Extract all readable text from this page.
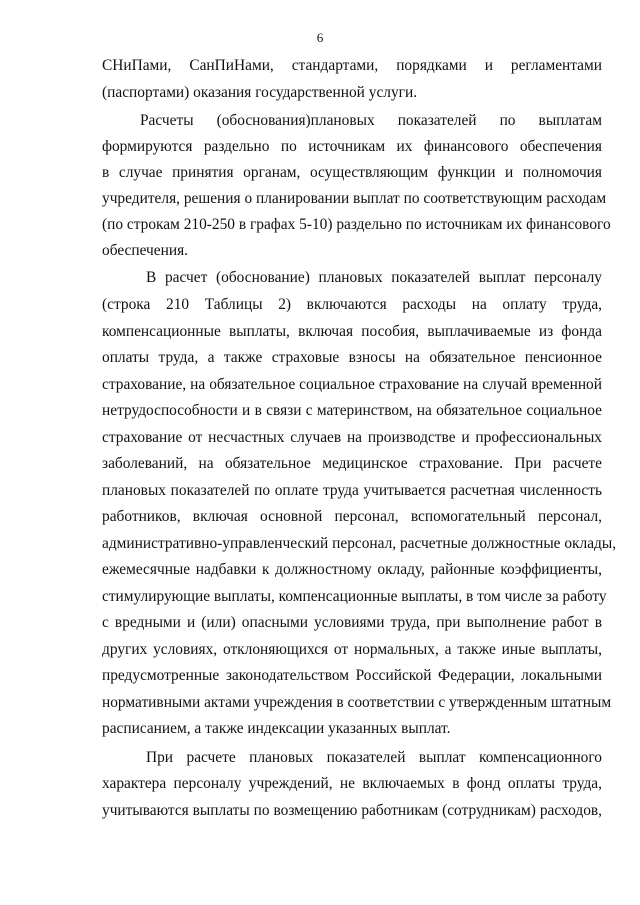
6
СНиПами, СанПиНами, стандартами, порядками и регламентами
(паспортами) оказания государственной услуги.
Расчеты (обоснования)плановых показателей по выплатам
формируются раздельно по источникам их финансового обеспечения
в случае принятия органам, осуществляющим функции и полномочия
учредителя, решения о планировании выплат по соответствующим расходам
(по строкам 210-250 в графах 5-10) раздельно по источникам их финансового
обеспечения.
В расчет (обоснование) плановых показателей выплат персоналу
(строка 210 Таблицы 2) включаются расходы на оплату труда,
компенсационные выплаты, включая пособия, выплачиваемые из фонда
оплаты труда, а также страховые взносы на обязательное пенсионное
страхование, на обязательное социальное страхование на случай временной
нетрудоспособности и в связи с материнством, на обязательное социальное
страхование от несчастных случаев на производстве и профессиональных
заболеваний, на обязательное медицинское страхование. При расчете
плановых показателей по оплате труда учитывается расчетная численность
работников, включая основной персонал, вспомогательный персонал,
административно-управленческий персонал, расчетные должностные оклады,
ежемесячные надбавки к должностному окладу, районные коэффициенты,
стимулирующие выплаты, компенсационные выплаты, в том числе за работу
с вредными и (или) опасными условиями труда, при выполнение работ в
других условиях, отклоняющихся от нормальных, а также иные выплаты,
предусмотренные законодательством Российской Федерации, локальными
нормативными актами учреждения в соответствии с утвержденным штатным
расписанием, а также индексации указанных выплат.
При расчете плановых показателей выплат компенсационного
характера персоналу учреждений, не включаемых в фонд оплаты труда,
учитываются выплаты по возмещению работникам (сотрудникам) расходов,
